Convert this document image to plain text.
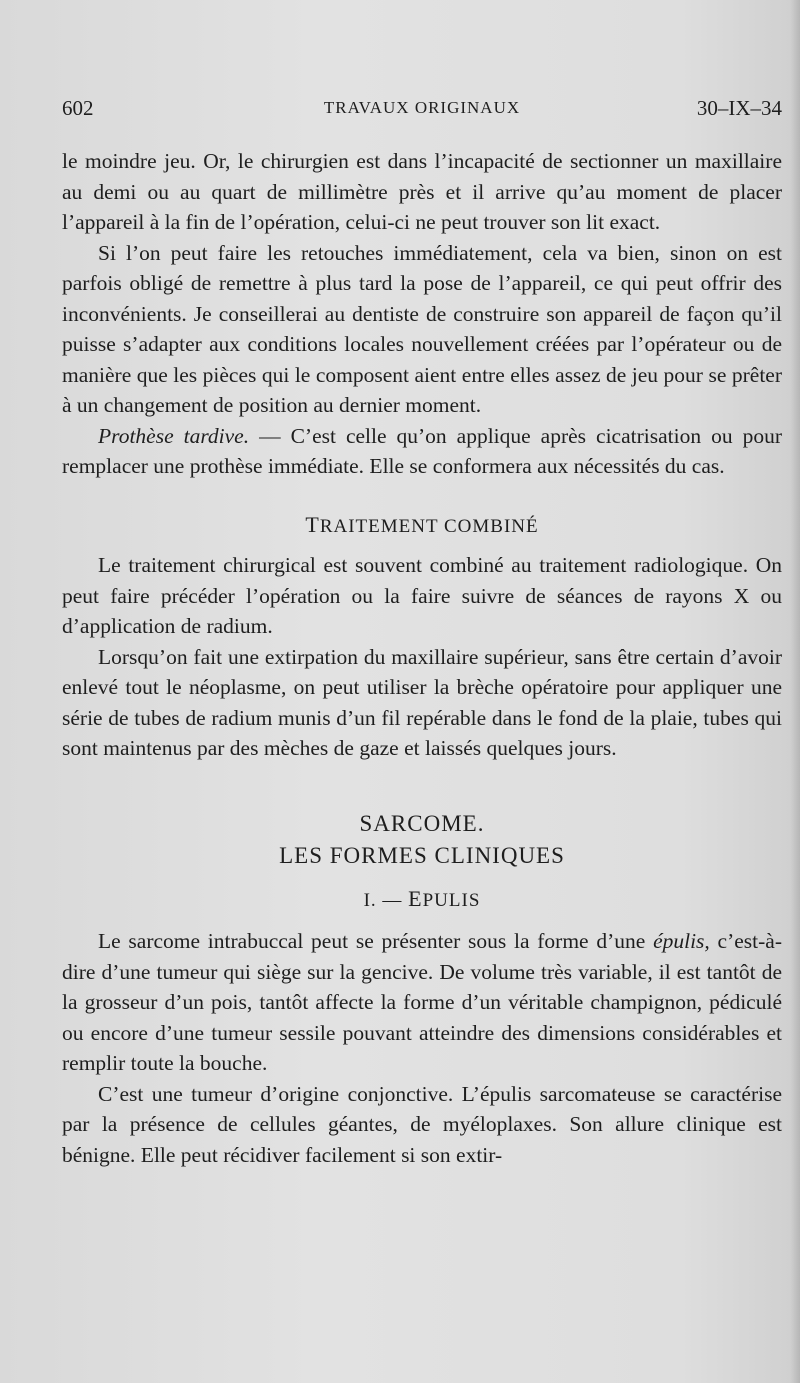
602	TRAVAUX ORIGINAUX	30–IX–34

le moindre jeu. Or, le chirurgien est dans l’incapacité de sectionner un maxillaire au demi ou au quart de millimètre près et il arrive qu’au moment de placer l’appareil à la fin de l’opération, celui-ci ne peut trouver son lit exact.

Si l’on peut faire les retouches immédiatement, cela va bien, sinon on est parfois obligé de remettre à plus tard la pose de l’appareil, ce qui peut offrir des inconvénients. Je conseillerai au dentiste de construire son appareil de façon qu’il puisse s’adapter aux conditions locales nouvellement créées par l’opérateur ou de manière que les pièces qui le composent aient entre elles assez de jeu pour se prêter à un changement de position au dernier moment.

Prothèse tardive. — C’est celle qu’on applique après cicatrisation ou pour remplacer une prothèse immédiate. Elle se conformera aux nécessités du cas.

TRAITEMENT COMBINÉ

Le traitement chirurgical est souvent combiné au traitement radiologique. On peut faire précéder l’opération ou la faire suivre de séances de rayons X ou d’application de radium.

Lorsqu’on fait une extirpation du maxillaire supérieur, sans être certain d’avoir enlevé tout le néoplasme, on peut utiliser la brèche opératoire pour appliquer une série de tubes de radium munis d’un fil repérable dans le fond de la plaie, tubes qui sont maintenus par des mèches de gaze et laissés quelques jours.

SARCOME.
LES FORMES CLINIQUES
I. — EPULIS

Le sarcome intrabuccal peut se présenter sous la forme d’une épulis, c’est-à-dire d’une tumeur qui siège sur la gencive. De volume très variable, il est tantôt de la grosseur d’un pois, tantôt affecte la forme d’un véritable champignon, pédiculé ou encore d’une tumeur sessile pouvant atteindre des dimensions considérables et remplir toute la bouche.

C’est une tumeur d’origine conjonctive. L’épulis sarcomateuse se caractérise par la présence de cellules géantes, de myéloplaxes. Son allure clinique est bénigne. Elle peut récidiver facilement si son extir-
